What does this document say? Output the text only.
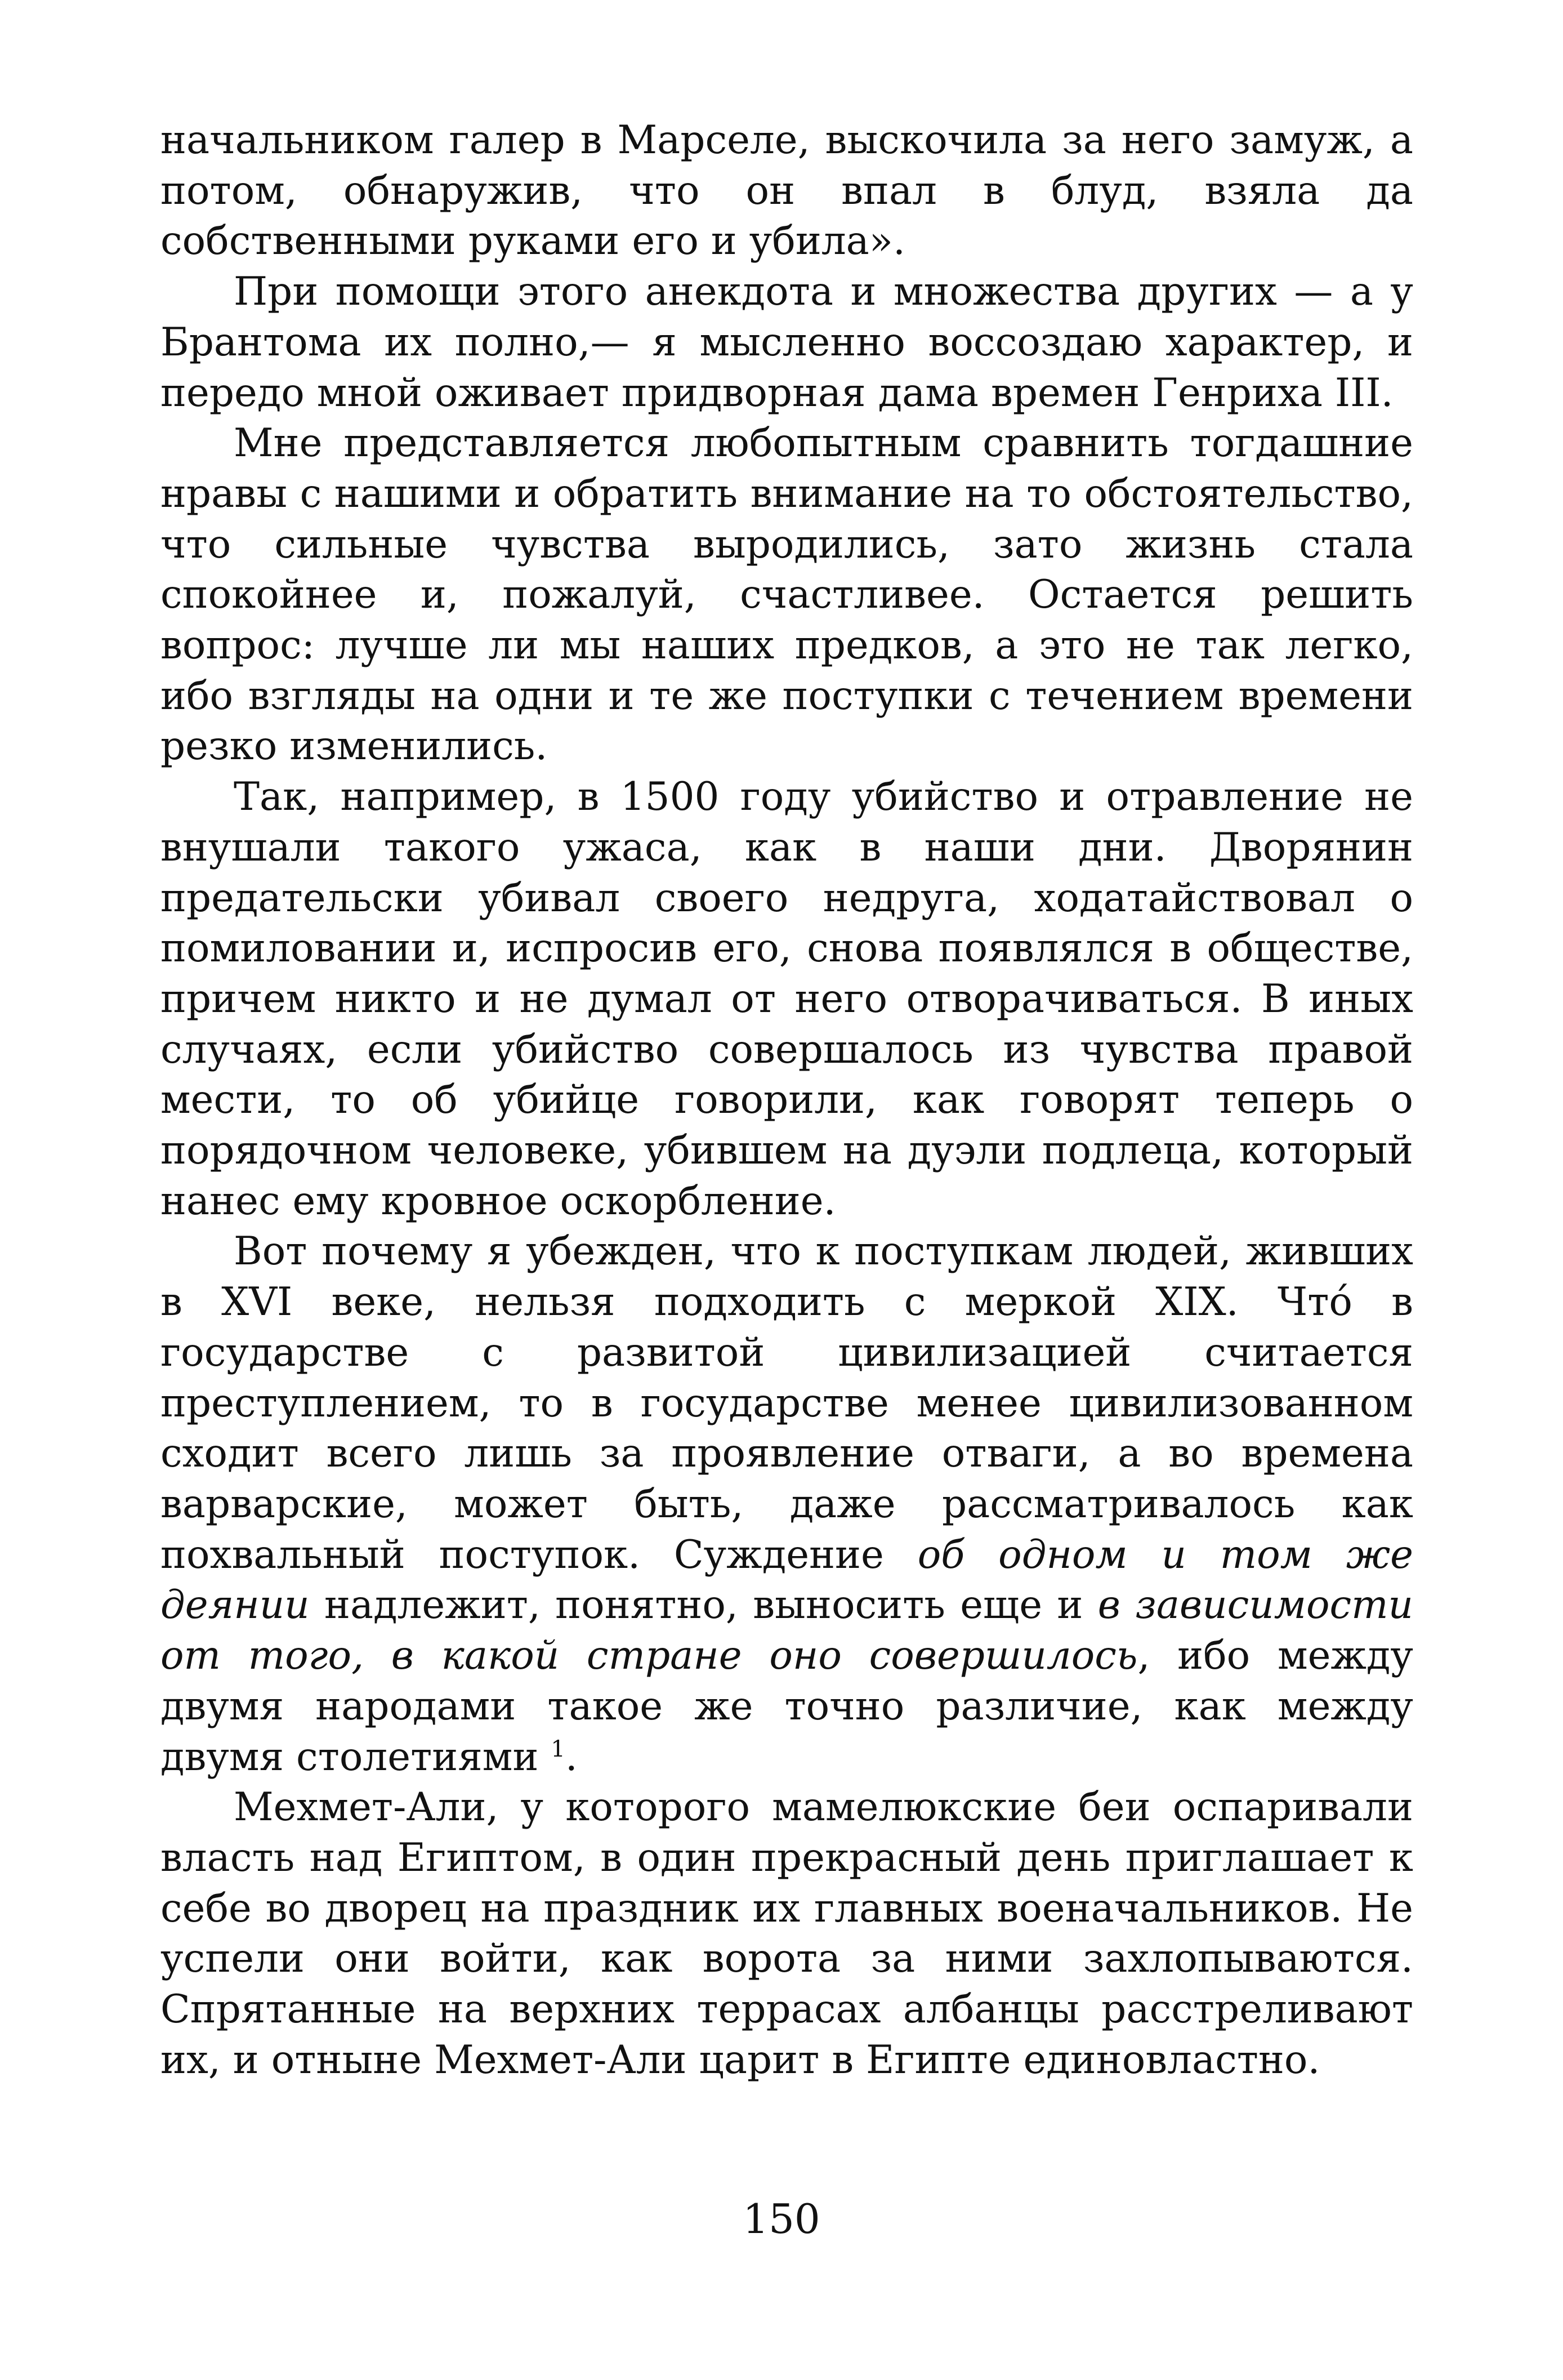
начальником галер в Марселе, выскочила за него замуж, а потом, обнаружив, что он впал в блуд, взяла да собственными руками его и убила».

При помощи этого анекдота и множества других — а у Брантома их полно,— я мысленно воссоздаю характер, и передо мной оживает придворная дама времен Генриха III.

Мне представляется любопытным сравнить тогдашние нравы с нашими и обратить внимание на то обстоятельство, что сильные чувства выродились, зато жизнь стала спокойнее и, пожалуй, счастливее. Остается решить вопрос: лучше ли мы наших предков, а это не так легко, ибо взгляды на одни и те же поступки с течением времени резко изменились.

Так, например, в 1500 году убийство и отравление не внушали такого ужаса, как в наши дни. Дворянин предательски убивал своего недруга, ходатайствовал о помиловании и, испросив его, снова появлялся в обществе, причем никто и не думал от него отворачиваться. В иных случаях, если убийство совершалось из чувства правой мести, то об убийце говорили, как говорят теперь о порядочном человеке, убившем на дуэли подлеца, который нанес ему кровное оскорбление.

Вот почему я убежден, что к поступкам людей, живших в XVI веке, нельзя подходить с меркой XIX. Что́ в государстве с развитой цивилизацией считается преступлением, то в государстве менее цивилизованном сходит всего лишь за проявление отваги, а во времена варварские, может быть, даже рассматривалось как похвальный поступок. Суждение об одном и том же деянии надлежит, понятно, выносить еще и в зависимости от того, в какой стране оно совершилось, ибо между двумя народами такое же точно различие, как между двумя столетиями $^1$.

Мехмет-Али, у которого мамелюкские беи оспаривали власть над Египтом, в один прекрасный день приглашает к себе во дворец на праздник их главных военачальников. Не успели они войти, как ворота за ними захлопываются. Спрятанные на верхних террасах албанцы расстреливают их, и отныне Мехмет-Али царит в Египте единовластно.

150
